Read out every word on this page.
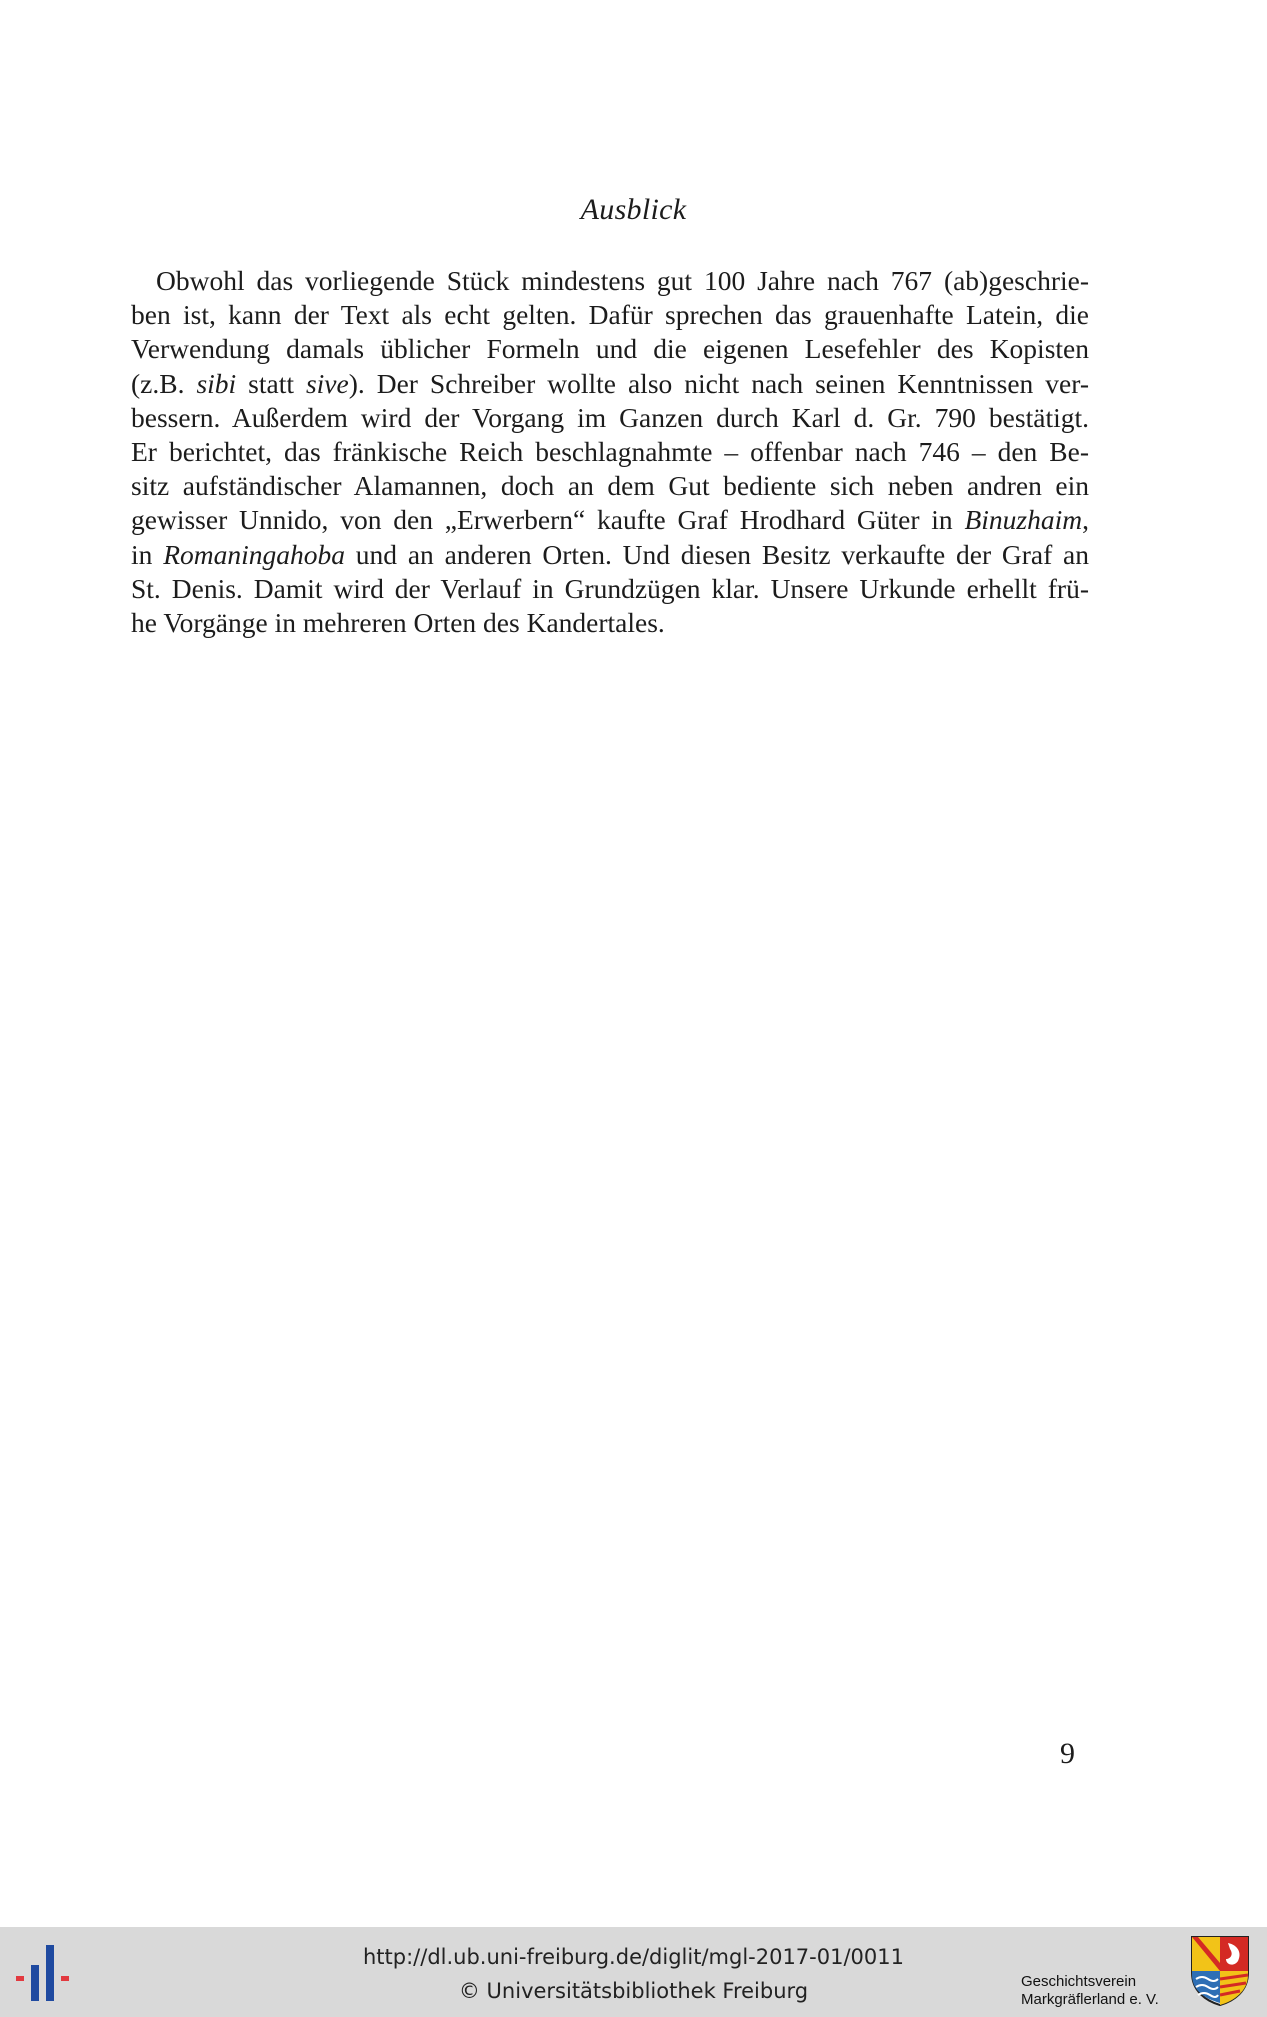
Ausblick
Obwohl das vorliegende Stück mindestens gut 100 Jahre nach 767 (ab)geschrie-
ben ist, kann der Text als echt gelten. Dafür sprechen das grauenhafte Latein, die
Verwendung damals üblicher Formeln und die eigenen Lesefehler des Kopisten
(z.B. sibi statt sive). Der Schreiber wollte also nicht nach seinen Kenntnissen ver-
bessern. Außerdem wird der Vorgang im Ganzen durch Karl d. Gr. 790 bestätigt.
Er berichtet, das fränkische Reich beschlagnahmte – offenbar nach 746 – den Be-
sitz aufständischer Alamannen, doch an dem Gut bediente sich neben andren ein
gewisser Unnido, von den „Erwerbern“ kaufte Graf Hrodhard Güter in Binuzhaim,
in Romaningahoba und an anderen Orten. Und diesen Besitz verkaufte der Graf an
St. Denis. Damit wird der Verlauf in Grundzügen klar. Unsere Urkunde erhellt frü-
he Vorgänge in mehreren Orten des Kandertales.
9
http://dl.ub.uni-freiburg.de/diglit/mgl-2017-01/0011
© Universitätsbibliothek Freiburg	Geschichtsverein
Markgräflerland e. V.
